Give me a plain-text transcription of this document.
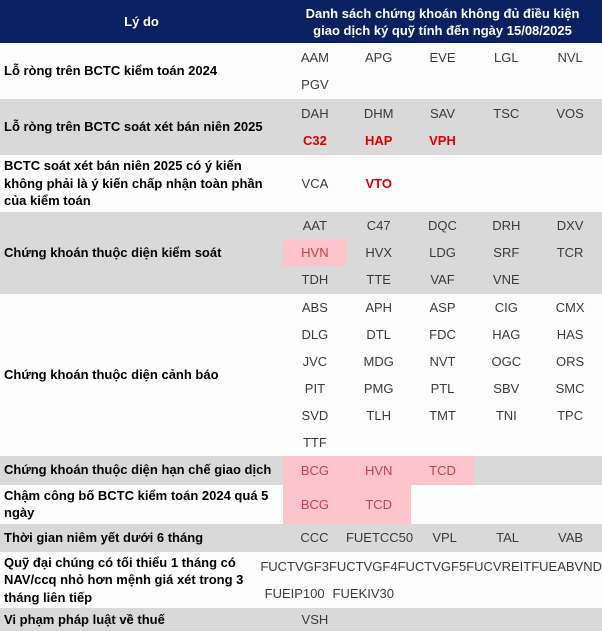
Lý do
Danh sách chứng khoán không đủ điều kiện
giao dịch ký quỹ tính đến ngày 15/08/2025
Lỗ ròng trên BCTC kiểm toán 2024
AAM	APG	EVE	LGL	NVL
PGV
Lỗ ròng trên BCTC soát xét bán niên 2025
DAH	DHM	SAV	TSC	VOS
C32	HAP	VPH
BCTC soát xét bán niên 2025 có ý kiến không phải là ý kiến chấp nhận toàn phần của kiểm toán
VCA	VTO
Chứng khoán thuộc diện kiểm soát
AAT	C47	DQC	DRH	DXV
HVN	HVX	LDG	SRF	TCR
TDH	TTE	VAF	VNE
Chứng khoán thuộc diện cảnh báo
ABS	APH	ASP	CIG	CMX
DLG	DTL	FDC	HAG	HAS
JVC	MDG	NVT	OGC	ORS
PIT	PMG	PTL	SBV	SMC
SVD	TLH	TMT	TNI	TPC
TTF
Chứng khoán thuộc diện hạn chế giao dịch	BCG	HVN	TCD
Chậm công bố BCTC kiểm toán 2024 quá 5 ngày
BCG	TCD
Thời gian niêm yết dưới 6 tháng	CCC	FUETCC50	VPL	TAL	VAB
Quỹ đại chúng có tối thiểu 1 tháng có NAV/ccq nhỏ hơn mệnh giá xét trong 3 tháng liên tiếp
FUCTVGF3 FUCTVGF4 FUCTVGF5 FUCVREIT FUEABVND
FUEIP100 FUEKIV30
Vi phạm pháp luật về thuế	VSH
